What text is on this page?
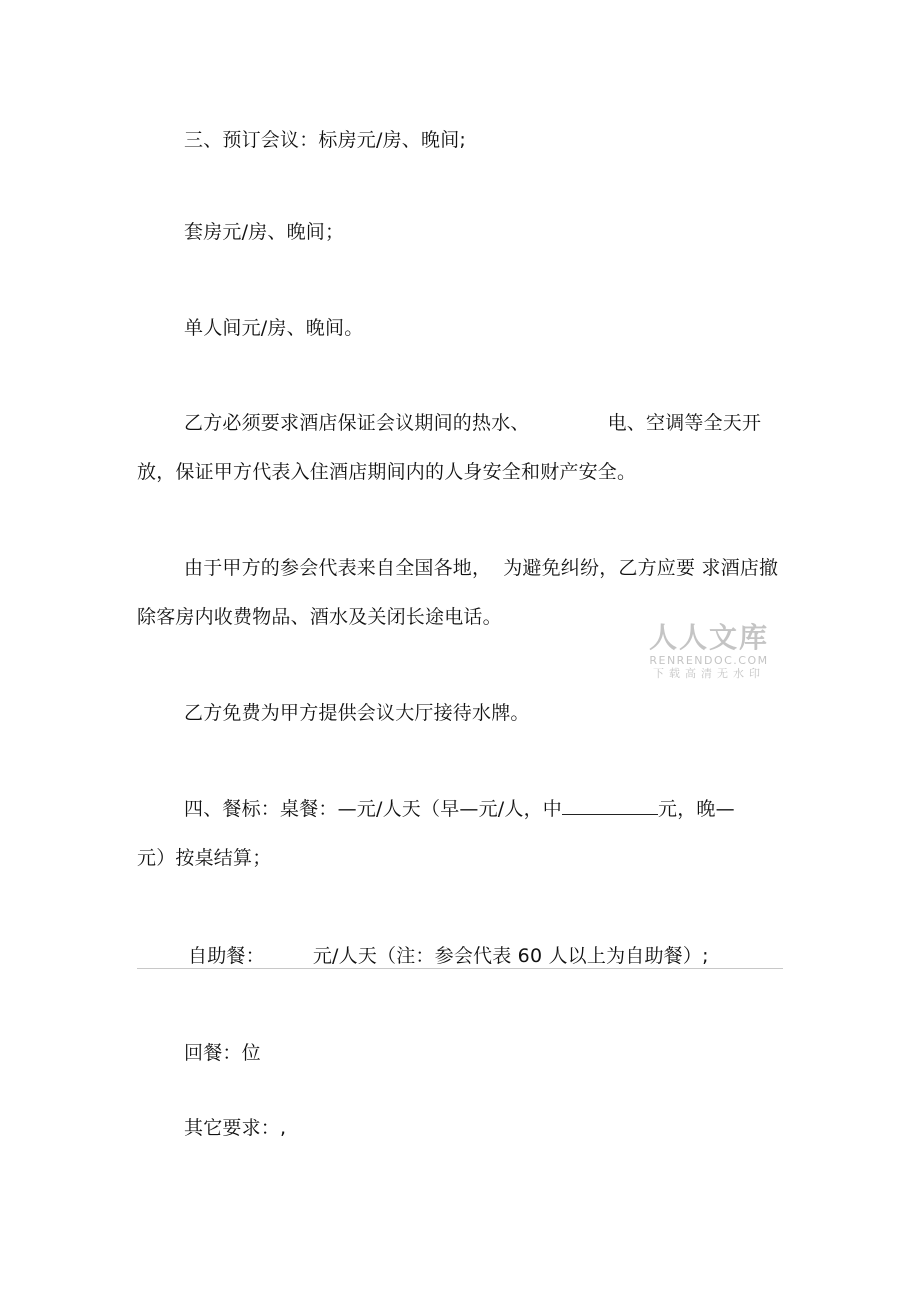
三、预订会议：标房元/房、晚间;
套房元/房、晚间；
单人间元/房、晚间。
乙方必须要求酒店保证会议期间的热水、	电、空调等全天开
放，保证甲方代表入住酒店期间内的人身安全和财产安全。
由于甲方的参会代表来自全国各地， 为避免纠纷，乙方应要 求酒店撤
除客房内收费物品、酒水及关闭长途电话。
乙方免费为甲方提供会议大厅接待水牌。
四、餐标：桌餐：—元/人天（早—元/人，中	元，晚—
元）按桌结算；
自助餐：	元/人天（注：参会代表 60 人以上为自助餐）;
回餐：位
其它要求：,
人人文库
RENRENDOC.COM
下载高清无水印
